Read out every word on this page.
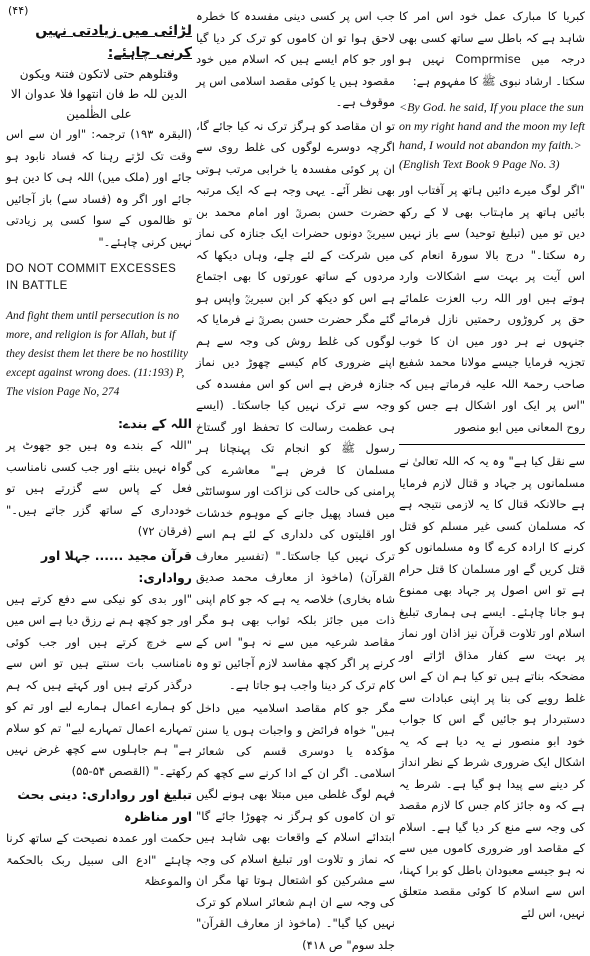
(۴۴)	کبریا کا مبارک عمل خود اس امر کا شاہد ہے کہ باطل سے ساتھ کسی بھی درجہ میں Comprmise نہیں ہو سکتا۔ ارشاد نبوی ﷺ کا مفہوم ہے:

<By God. he said, If you place the sun on my right hand and the moon my left hand, I would not abandon my faith.> (English Text Book 9 Page No. 3)

"اگر لوگ میرے دائیں ہاتھ پر آفتاب اور بائیں ہاتھ پر ماہتاب بھی لا کے رکھ دیں تو میں (تبلیغ توحید) سے باز نہیں رہ سکتا۔" درج بالا سورۃ انعام کی اس آیت پر بہت سے اشکالات وارد ہوتے ہیں اور اللہ رب العزت علمائے حق پر کروڑوں رحمتیں نازل فرمائے جنہوں نے ہر دور میں ان کا خوب تجزیہ فرمایا جیسے مولانا محمد شفیع صاحب رحمۃ اللہ علیہ فرماتے ہیں کہ "اس پر ایک اور اشکال ہے جس کو روح المعانی میں ابو منصور

سے نقل کیا ہے" وہ یہ کہ اللہ تعالیٰ نے مسلمانوں پر جہاد و قتال لازم فرمایا ہے حالانکہ قتال کا یہ لازمی نتیجہ ہے کہ مسلمان کسی غیر مسلم کو قتل کرنے کا ارادہ کرے گا وہ مسلمانوں کو قتل کریں گے اور مسلمان کا قتل حرام ہے تو اس اصول پر جہاد بھی ممنوع ہو جانا چاہئے۔ ایسے ہی ہماری تبلیغ اسلام اور تلاوت قرآن نیز اذان اور نماز پر بہت سے کفار مذاق اڑاتے اور مضحکہ بناتے ہیں تو کیا ہم ان کے اس غلط رویے کی بنا پر اپنی عبادات سے دستبردار ہو جائیں گے اس کا جواب خود ابو منصور نے یہ دیا ہے کہ یہ اشکال ایک ضروری شرط کے نظر انداز کر دینے سے پیدا ہو گیا ہے۔ شرط یہ ہے کہ وہ جائز کام جس کا لازم مقصد کی وجہ سے منع کر دیا گیا ہے۔ اسلام کے مقاصد اور ضروری کاموں میں سے نہ ہو جیسے معبودان باطل کو برا کہنا، اس سے اسلام کا کوئی مقصد متعلق نہیں، اس لئے

جب اس پر کسی دینی مفسدہ کا خطرہ لاحق ہوا تو ان کاموں کو ترک کر دیا گیا اور جو کام ایسے ہیں کہ اسلام میں خود مقصود ہیں یا کوئی مقصد اسلامی اس پر موقوف ہے۔

تو ان مقاصد کو ہرگز ترک نہ کیا جائے گا، اگرچہ دوسرے لوگوں کی غلط روی سے ان پر کوئی مفسدہ یا خرابی مرتب ہوتی بھی نظر آئے۔ یہی وجہ ہے کہ ایک مرتبہ حضرت حسن بصریؒ اور امام محمد بن سیرینؒ دونوں حضرات ایک جنازہ کی نماز میں شرکت کے لئے چلے، وہاں دیکھا کہ مردوں کے ساتھ عورتوں کا بھی اجتماع ہے اس کو دیکھ کر ابن سیرینؒ واپس ہو گئے مگر حضرت حسن بصریؒ نے فرمایا کہ لوگوں کی غلط روش کی وجہ سے ہم اپنے ضروری کام کیسے چھوڑ دیں نماز جنازہ فرض ہے اس کو اس مفسدہ کی وجہ سے ترک نہیں کیا جاسکتا۔ (ایسے ہی عظمت رسالت کا تحفظ اور گستاخ رسول ﷺ کو انجام تک پہنچانا ہر مسلمان کا فرض ہے" معاشرے کی پرامنی کی حالت کی نزاکت اور سوسائٹی میں فساد پھیل جانے کے موہوم خدشات اور اقلیتوں کی دلداری کے لئے ہم اسے ترک نہیں کیا جاسکتا۔" (تفسیر معارف القرآن) (ماخوذ از معارف محمد صدیق شاہ بخاری) خلاصہ یہ ہے کہ جو کام اپنی ذات میں جائز بلکہ ثواب بھی ہو مگر مقاصد شرعیہ میں سے نہ ہو" اس کے کرنے پر اگر کچھ مفاسد لازم آجائیں تو وہ کام ترک کر دینا واجب ہو جاتا ہے۔

مگر جو کام مقاصد اسلامیہ میں داخل ہیں" خواہ فرائض و واجبات ہوں یا سنن مؤکدہ یا دوسری قسم کی شعائر اسلامی۔ اگر ان کے ادا کرنے سے کچھ کم فہم لوگ غلطی میں مبتلا بھی ہونے لگیں تو ان کاموں کو ہرگز نہ چھوڑا جائے گا" ابتدائے اسلام کے واقعات بھی شاہد ہیں کہ نماز و تلاوت اور تبلیغ اسلام کی وجہ سے مشرکین کو اشتعال ہوتا تھا مگر ان کی وجہ سے ان اہم شعائر اسلام کو ترک نہیں کیا گیا"۔ (ماخوذ از معارف القرآن" جلد سوم" ص ۴۱۸)

لڑائی میں زیادتی نہیں کرنی چاہئے:
وقتلوھم حتی لاتکون فتنۃ ویکون الدین للہ ط فان انتھوا فلا عدوان الا علی الظٰلمین

(البقرہ ۱۹۳) ترجمہ: "اور ان سے اس وقت تک لڑتے رہنا کہ فساد نابود ہو جائے اور (ملک میں) اللہ ہی کا دین ہو جائے اور اگر وہ (فساد سے) باز آجائیں تو ظالموں کے سوا کسی پر زیادتی نہیں کرنی چاہئے۔"

DO NOT COMMIT EXCESSES IN BATTLE

And fight them until persecution is no more, and religion is for Allah, but if they desist them let there be no hostility except against wrong does. (11:193) P, The vision Page No, 274

اللہ کے بندے:

"اللہ کے بندے وہ ہیں جو جھوٹ پر گواہ نہیں بنتے اور جب کسی نامناسب فعل کے پاس سے گزرتے ہیں تو خودداری کے ساتھ گزر جاتے ہیں۔" (فرقان ۷۲)

قرآن مجید ...... جہلا اور رواداری:

"اور بدی کو نیکی سے دفع کرتے ہیں اور جو کچھ ہم نے رزق دیا ہے اس میں سے خرچ کرتے ہیں اور جب کوئی نامناسب بات سنتے ہیں تو اس سے درگذر کرتے ہیں اور کہتے ہیں کہ ہم کو ہمارے اعمال ہمارے لیے اور تم کو تمہارے اعمال تمہارے لیے" تم کو سلام ہے" ہم جاہلوں سے کچھ غرض نہیں رکھتے۔" (القصص ۵۴-۵۵)

تبلیغ اور رواداری: دینی بحث اور مناظرہ

حکمت اور عمدہ نصیحت کے ساتھ کرنا چاہئے "ادع الی سبیل ربک بالحکمۃ والموعظۃ
